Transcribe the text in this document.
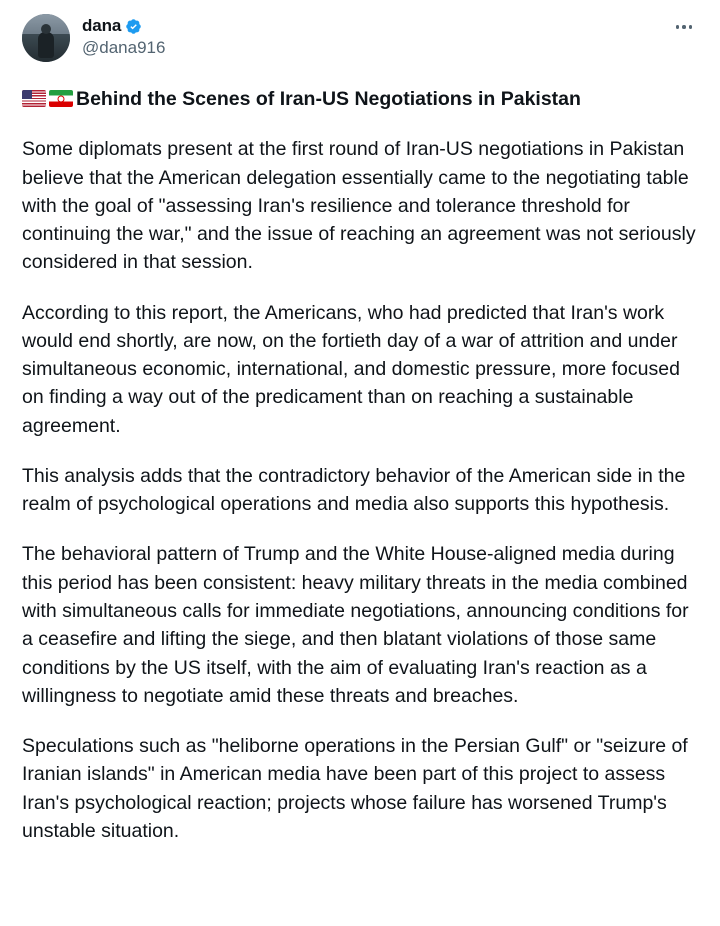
dana
@dana916
Behind the Scenes of Iran-US Negotiations in Pakistan

Some diplomats present at the first round of Iran-US negotiations in Pakistan believe that the American delegation essentially came to the negotiating table with the goal of "assessing Iran's resilience and tolerance threshold for continuing the war," and the issue of reaching an agreement was not seriously considered in that session.

According to this report, the Americans, who had predicted that Iran's work would end shortly, are now, on the fortieth day of a war of attrition and under simultaneous economic, international, and domestic pressure, more focused on finding a way out of the predicament than on reaching a sustainable agreement.

This analysis adds that the contradictory behavior of the American side in the realm of psychological operations and media also supports this hypothesis.

The behavioral pattern of Trump and the White House-aligned media during this period has been consistent: heavy military threats in the media combined with simultaneous calls for immediate negotiations, announcing conditions for a ceasefire and lifting the siege, and then blatant violations of those same conditions by the US itself, with the aim of evaluating Iran's reaction as a willingness to negotiate amid these threats and breaches.

Speculations such as "heliborne operations in the Persian Gulf" or "seizure of Iranian islands" in American media have been part of this project to assess Iran's psychological reaction; projects whose failure has worsened Trump's unstable situation.
